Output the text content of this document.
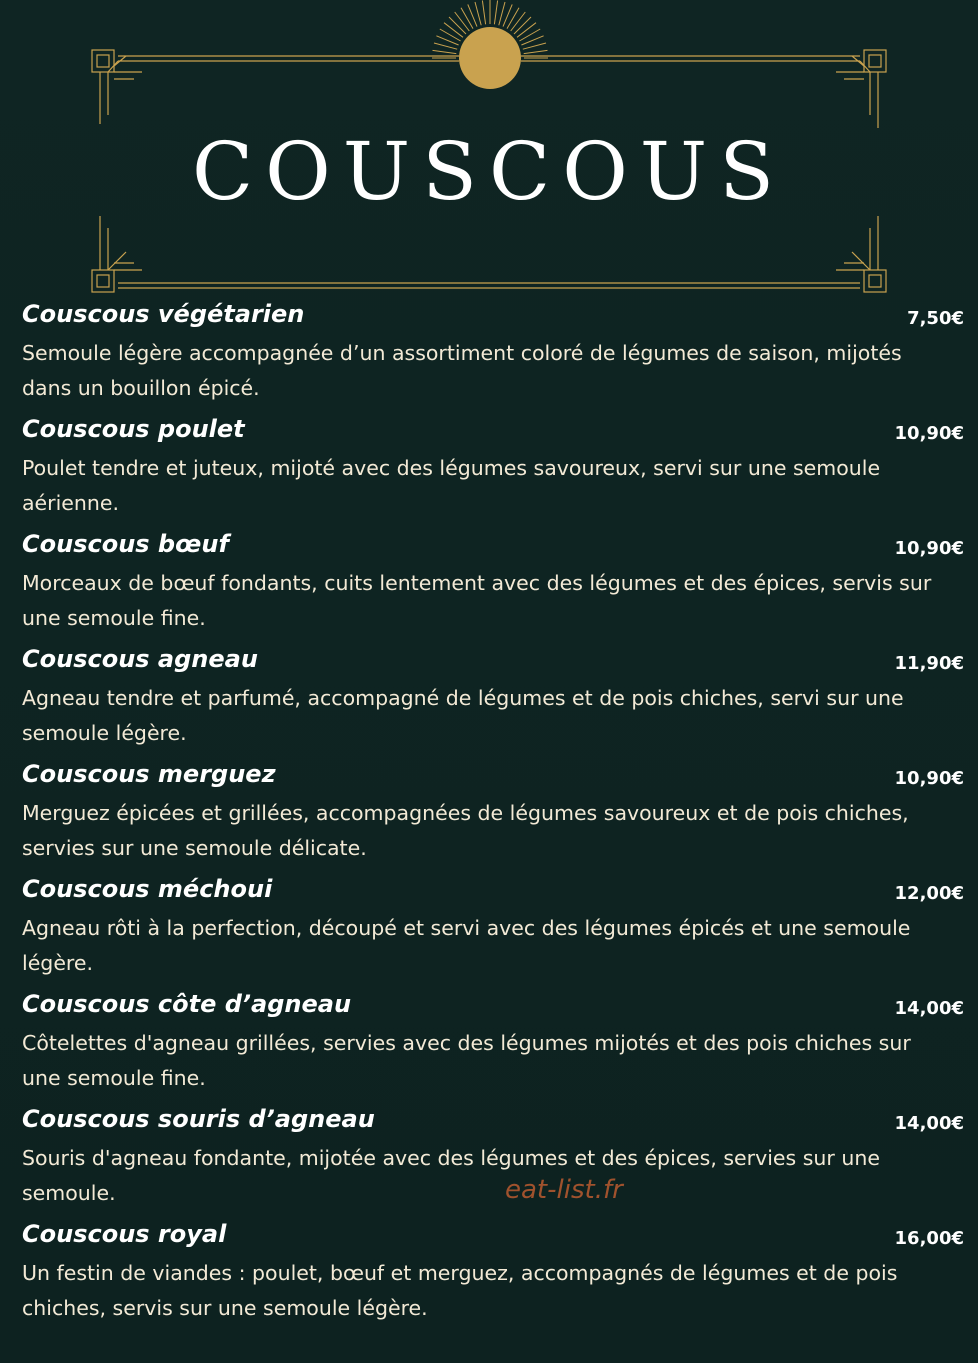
COUSCOUS
Couscous végétarien	7,50€
Semoule légère accompagnée d’un assortiment coloré de légumes de saison, mijotés dans un bouillon épicé.
Couscous poulet	10,90€
Poulet tendre et juteux, mijoté avec des légumes savoureux, servi sur une semoule aérienne.
Couscous bœuf	10,90€
Morceaux de bœuf fondants, cuits lentement avec des légumes et des épices, servis sur une semoule fine.
Couscous agneau	11,90€
Agneau tendre et parfumé, accompagné de légumes et de pois chiches, servi sur une semoule légère.
Couscous merguez	10,90€
Merguez épicées et grillées, accompagnées de légumes savoureux et de pois chiches, servies sur une semoule délicate.
Couscous méchoui	12,00€
Agneau rôti à la perfection, découpé et servi avec des légumes épicés et une semoule légère.
Couscous côte d’agneau	14,00€
Côtelettes d'agneau grillées, servies avec des légumes mijotés et des pois chiches sur une semoule fine.
Couscous souris d’agneau	14,00€
Souris d'agneau fondante, mijotée avec des légumes et des épices, servies sur une semoule.
Couscous royal	16,00€
Un festin de viandes : poulet, bœuf et merguez, accompagnés de légumes et de pois chiches, servis sur une semoule légère.
eat-list.fr
